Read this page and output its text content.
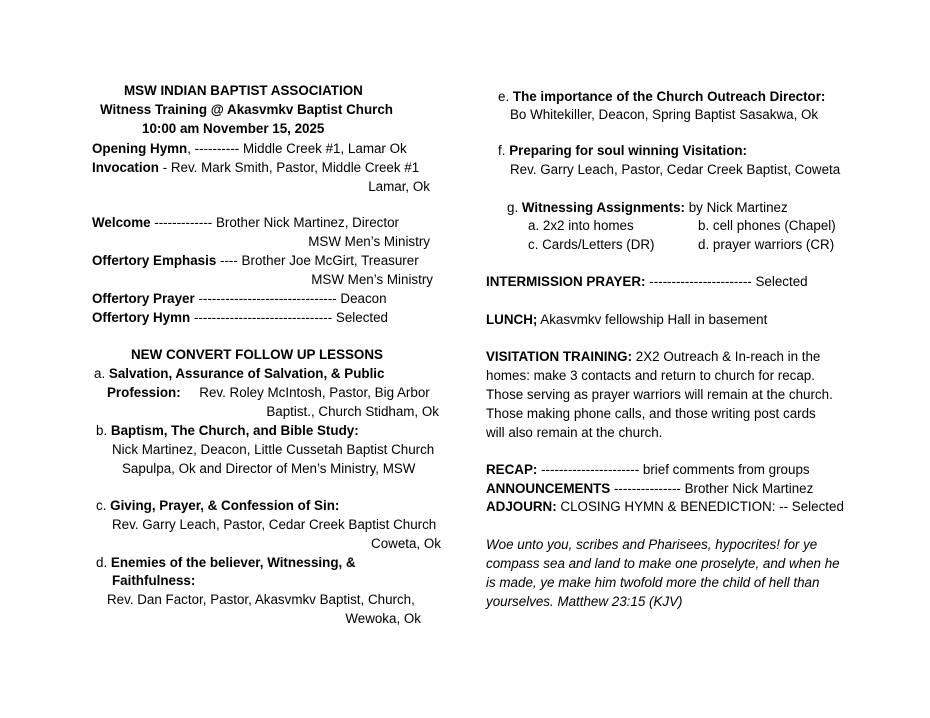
MSW INDIAN BAPTIST ASSOCIATION
Witness Training @ Akasvmkv Baptist Church
10:00 am November 15, 2025
Opening Hymn, ---------- Middle Creek #1, Lamar Ok
Invocation - Rev. Mark Smith, Pastor, Middle Creek #1
Lamar, Ok
Welcome ------------- Brother Nick Martinez, Director
MSW Men’s Ministry
Offertory Emphasis ---- Brother Joe McGirt, Treasurer
MSW Men’s Ministry
Offertory Prayer ------------------------------- Deacon
Offertory Hymn ------------------------------- Selected
NEW CONVERT FOLLOW UP LESSONS
a. Salvation, Assurance of Salvation, & Public
Profession: Rev. Roley McIntosh, Pastor, Big Arbor
Baptist., Church Stidham, Ok
b. Baptism, The Church, and Bible Study:
Nick Martinez, Deacon, Little Cussetah Baptist Church
Sapulpa, Ok and Director of Men’s Ministry, MSW
c. Giving, Prayer, & Confession of Sin:
Rev. Garry Leach, Pastor, Cedar Creek Baptist Church
Coweta, Ok
d. Enemies of the believer, Witnessing, &
Faithfulness:
Rev. Dan Factor, Pastor, Akasvmkv Baptist, Church,
Wewoka, Ok
e. The importance of the Church Outreach Director:
Bo Whitekiller, Deacon, Spring Baptist Sasakwa, Ok
f. Preparing for soul winning Visitation:
Rev. Garry Leach, Pastor, Cedar Creek Baptist, Coweta
g. Witnessing Assignments: by Nick Martinez
a. 2x2 into homes	b. cell phones (Chapel)
c. Cards/Letters (DR)	d. prayer warriors (CR)
INTERMISSION PRAYER: ----------------------- Selected
LUNCH; Akasvmkv fellowship Hall in basement
VISITATION TRAINING: 2X2 Outreach & In-reach in the
homes: make 3 contacts and return to church for recap.
Those serving as prayer warriors will remain at the church.
Those making phone calls, and those writing post cards
will also remain at the church.
RECAP: ---------------------- brief comments from groups
ANNOUNCEMENTS --------------- Brother Nick Martinez
ADJOURN: CLOSING HYMN & BENEDICTION: -- Selected
Woe unto you, scribes and Pharisees, hypocrites! for ye
compass sea and land to make one proselyte, and when he
is made, ye make him twofold more the child of hell than
yourselves. Matthew 23:15 (KJV)
